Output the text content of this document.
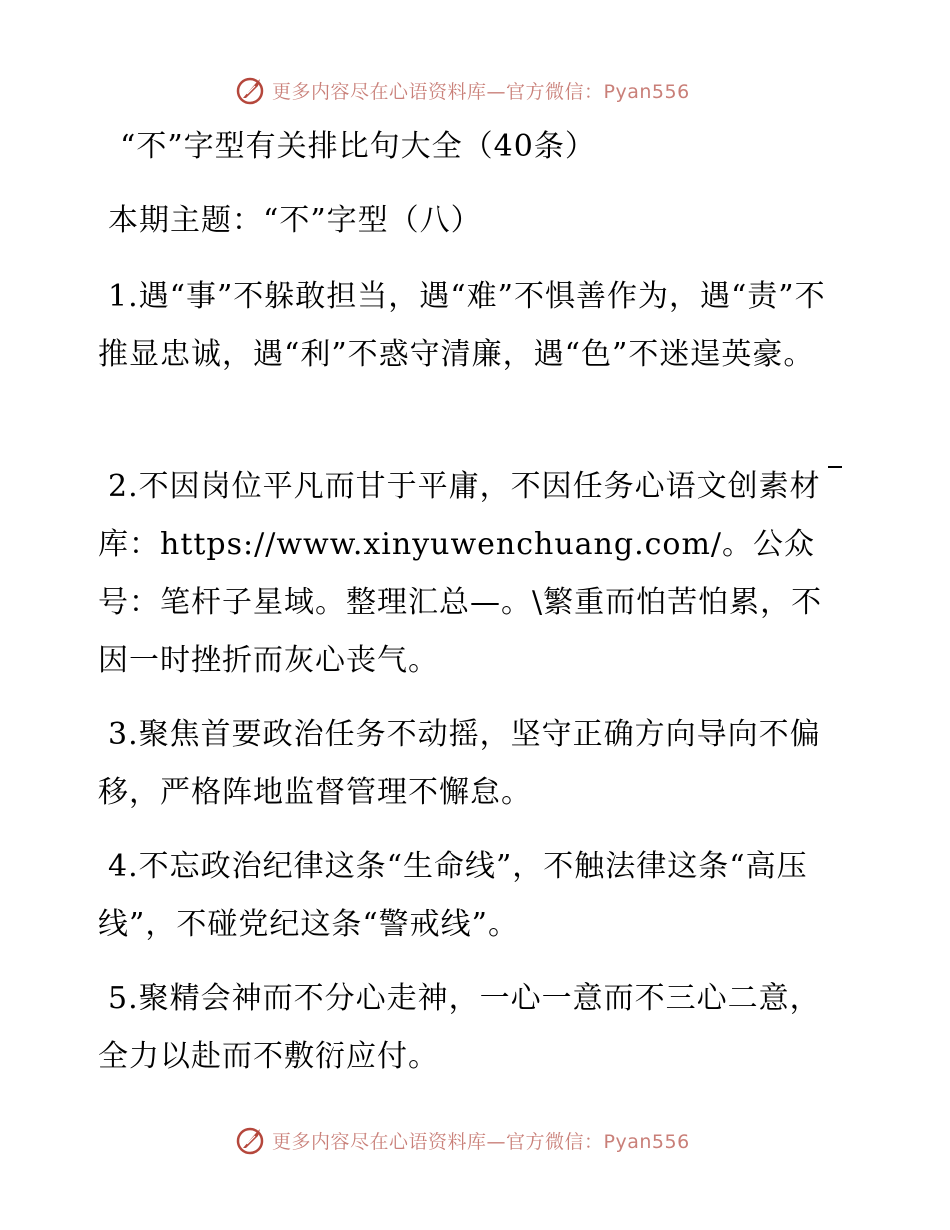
更多内容尽在心语资料库—官方微信：Pyan556
“不”字型有关排比句大全（40条）
本期主题：“不”字型（八）
1.遇“事”不躲敢担当，遇“难”不惧善作为，遇“责”不推显忠诚，遇“利”不惑守清廉，遇“色”不迷逞英豪。
2.不因岗位平凡而甘于平庸，不因任务心语文创素材库：https://www.xinyuwenchuang.com/。公众号：笔杆子星域。整理汇总—。\繁重而怕苦怕累，不因一时挫折而灰心丧气。
3.聚焦首要政治任务不动摇，坚守正确方向导向不偏移，严格阵地监督管理不懈怠。
4.不忘政治纪律这条“生命线”，不触法律这条“高压线”，不碰党纪这条“警戒线”。
5.聚精会神而不分心走神，一心一意而不三心二意，全力以赴而不敷衍应付。
更多内容尽在心语资料库—官方微信：Pyan556
